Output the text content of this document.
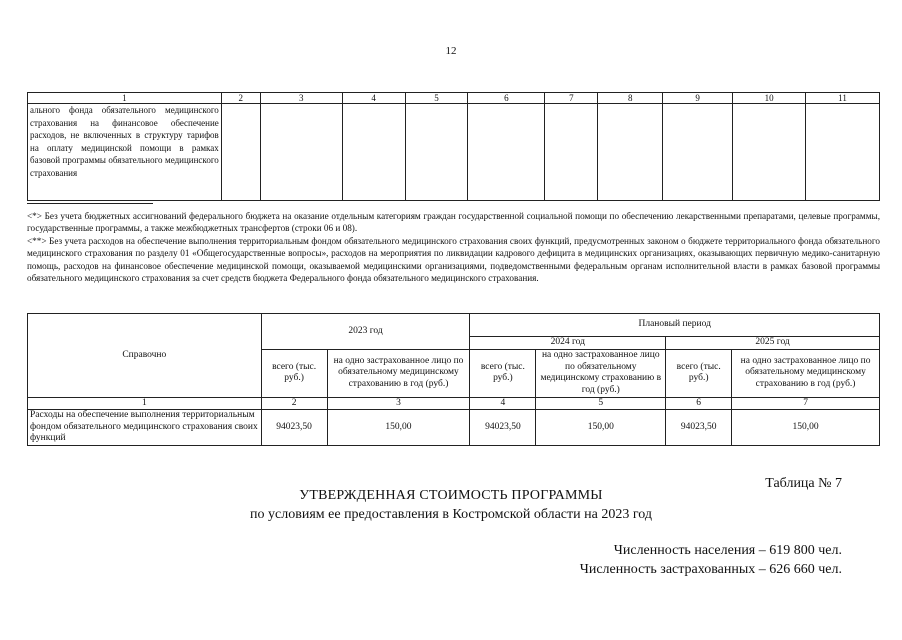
12
1	2	3	4	5	6	7	8	9	10	11

ального фонда обязательного медицинского страхования на финансовое обеспечение расходов, не включенных в структуру тарифов на оплату медицинской помощи в рамках базовой программы обязательного медицинского страхования										

<*> Без учета бюджетных ассигнований федерального бюджета на оказание отдельным категориям граждан государственной социальной помощи по обеспечению лекарственными препаратами, целевые программы, государственные программы, а также межбюджетных трансфертов (строки 06 и 08).
<**> Без учета расходов на обеспечение выполнения территориальным фондом обязательного медицинского страхования своих функций, предусмотренных законом о бюджете территориального фонда обязательного медицинского страхования по разделу 01 «Общегосударственные вопросы», расходов на мероприятия по ликвидации кадрового дефицита в медицинских организациях, оказывающих первичную медико-санитарную помощь, расходов на финансовое обеспечение медицинской помощи, оказываемой медицинскими организациями, подведомственными федеральным органам исполнительной власти в рамках базовой программы обязательного медицинского страхования за счет средств бюджета Федерального фонда обязательного медицинского страхования.
Справочно	2023 год		Плановый период			
			2024 год		2025 год	
	всего (тыс. руб.)	на одно застрахованное лицо по обязательному медицинскому страхованию в год (руб.)	всего (тыс. руб.)	на одно застрахованное лицо по обязательному медицинскому страхованию в год (руб.)	всего (тыс. руб.)	на одно застрахованное лицо по обязательному медицинскому страхованию в год (руб.)
1	2	3	4	5	6	7
Расходы на обеспечение выполнения территориальным фондом обязательного медицинского страхования своих функций	94023,50	150,00	94023,50	150,00	94023,50	150,00
Таблица № 7
УТВЕРЖДЕННАЯ СТОИМОСТЬ ПРОГРАММЫ
по условиям ее предоставления в Костромской области на 2023 год
Численность населения – 619 800 чел.
Численность застрахованных – 626 660 чел.
